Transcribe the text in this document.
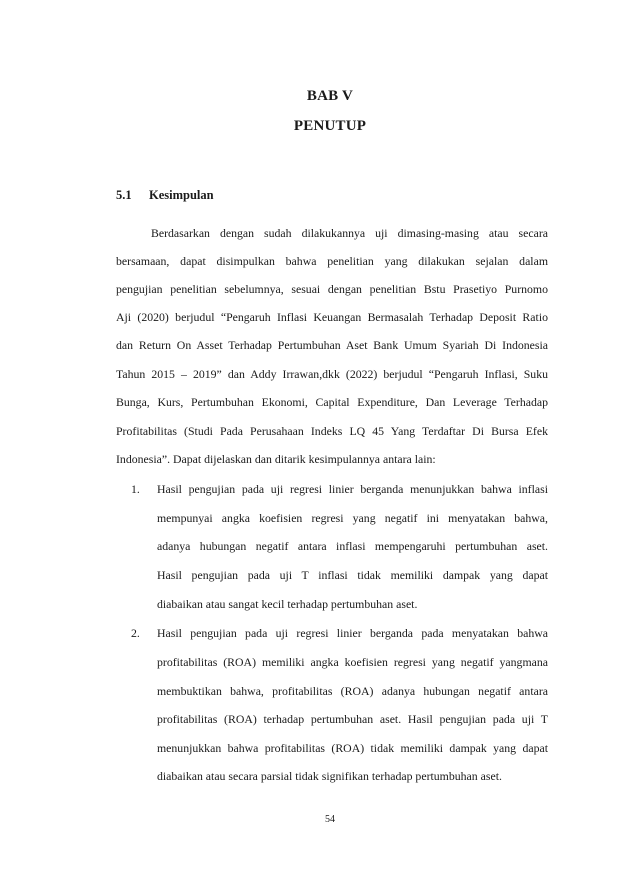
BAB V
PENUTUP
5.1 Kesimpulan
Berdasarkan dengan sudah dilakukannya uji dimasing-masing atau secara
bersamaan, dapat disimpulkan bahwa penelitian yang dilakukan sejalan dalam
pengujian penelitian sebelumnya, sesuai dengan penelitian Bstu Prasetiyo Purnomo
Aji (2020) berjudul “Pengaruh Inflasi Keuangan Bermasalah Terhadap Deposit Ratio
dan Return On Asset Terhadap Pertumbuhan Aset Bank Umum Syariah Di Indonesia
Tahun 2015 – 2019” dan Addy Irrawan,dkk (2022) berjudul “Pengaruh Inflasi, Suku
Bunga, Kurs, Pertumbuhan Ekonomi, Capital Expenditure, Dan Leverage Terhadap
Profitabilitas (Studi Pada Perusahaan Indeks LQ 45 Yang Terdaftar Di Bursa Efek
Indonesia”. Dapat dijelaskan dan ditarik kesimpulannya antara lain:
1. Hasil pengujian pada uji regresi linier berganda menunjukkan bahwa inflasi
mempunyai angka koefisien regresi yang negatif ini menyatakan bahwa,
adanya hubungan negatif antara inflasi mempengaruhi pertumbuhan aset.
Hasil pengujian pada uji T inflasi tidak memiliki dampak yang dapat
diabaikan atau sangat kecil terhadap pertumbuhan aset.
2. Hasil pengujian pada uji regresi linier berganda pada menyatakan bahwa
profitabilitas (ROA) memiliki angka koefisien regresi yang negatif yangmana
membuktikan bahwa, profitabilitas (ROA) adanya hubungan negatif antara
profitabilitas (ROA) terhadap pertumbuhan aset. Hasil pengujian pada uji T
menunjukkan bahwa profitabilitas (ROA) tidak memiliki dampak yang dapat
diabaikan atau secara parsial tidak signifikan terhadap pertumbuhan aset.
54
